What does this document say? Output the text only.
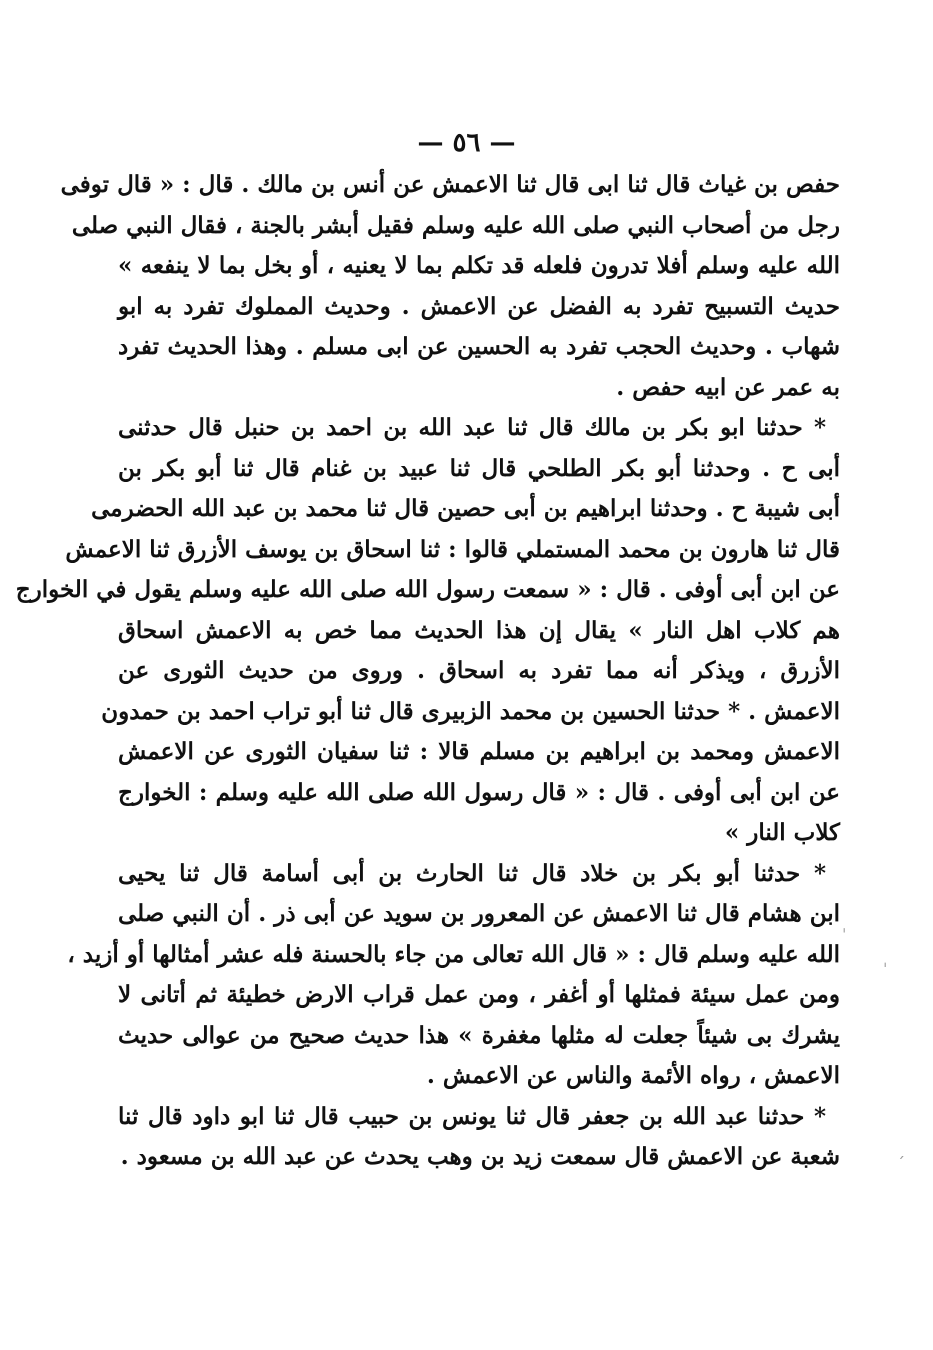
— ٥٦ —
حفص بن غياث قال ثنا ابى قال ثنا الاعمش عن أنس بن مالك . قال : « قال توفى
رجل من أصحاب النبي صلى الله عليه وسلم فقيل أبشر بالجنة ، فقال النبي صلى
الله عليه وسلم أفلا تدرون فلعله قد تكلم بما لا يعنيه ، أو بخل بما لا ينفعه »
حديث التسبيح تفرد به الفضل عن الاعمش . وحديث المملوك تفرد به ابو
شهاب . وحديث الحجب تفرد به الحسين عن ابى مسلم . وهذا الحديث تفرد
به عمر عن ابيه حفص .
* حدثنا ابو بكر بن مالك قال ثنا عبد الله بن احمد بن حنبل قال حدثنى
أبى ح . وحدثنا أبو بكر الطلحي قال ثنا عبيد بن غنام قال ثنا أبو بكر بن
أبى شيبة ح . وحدثنا ابراهيم بن أبى حصين قال ثنا محمد بن عبد الله الحضرمى
قال ثنا هارون بن محمد المستملي قالوا : ثنا اسحاق بن يوسف الأزرق ثنا الاعمش
عن ابن أبى أوفى . قال : « سمعت رسول الله صلى الله عليه وسلم يقول في الخوارج
هم كلاب اهل النار » يقال إن هذا الحديث مما خص به الاعمش اسحاق
الأزرق ، ويذكر أنه مما تفرد به اسحاق . وروى من حديث الثورى عن
الاعمش . * حدثنا الحسين بن محمد الزبيرى قال ثنا أبو تراب احمد بن حمدون
الاعمش ومحمد بن ابراهيم بن مسلم قالا : ثنا سفيان الثورى عن الاعمش
عن ابن أبى أوفى . قال : « قال رسول الله صلى الله عليه وسلم : الخوارج
كلاب النار »
* حدثنا أبو بكر بن خلاد قال ثنا الحارث بن أبى أسامة قال ثنا يحيى
ابن هشام قال ثنا الاعمش عن المعرور بن سويد عن أبى ذر . أن النبي صلى
الله عليه وسلم قال : « قال الله تعالى من جاء بالحسنة فله عشر أمثالها أو أزيد ،
ومن عمل سيئة فمثلها أو أغفر ، ومن عمل قراب الارض خطيئة ثم أتانى لا
يشرك بى شيئاً جعلت له مثلها مغفرة » هذا حديث صحيح من عوالى حديث
الاعمش ، رواه الأئمة والناس عن الاعمش .
* حدثنا عبد الله بن جعفر قال ثنا يونس بن حبيب قال ثنا ابو داود قال ثنا
شعبة عن الاعمش قال سمعت زيد بن وهب يحدث عن عبد الله بن مسعود .
ˌ
ˈ
ˏ
